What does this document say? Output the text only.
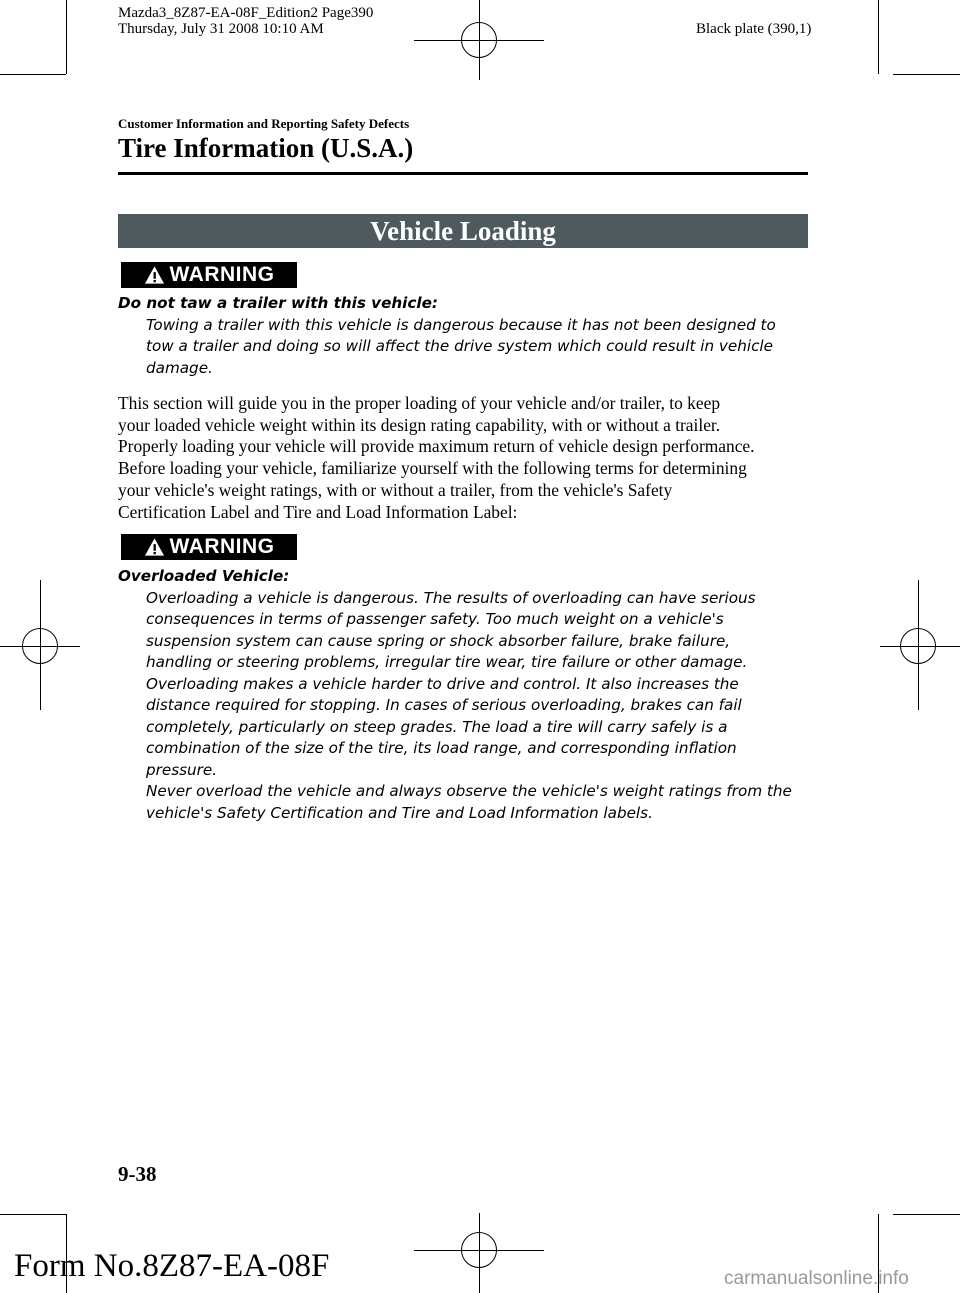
Mazda3_8Z87-EA-08F_Edition2 Page390
Thursday, July 31 2008 10:10 AM	Black plate (390,1)
Customer Information and Reporting Safety Defects
Tire Information (U.S.A.)
Vehicle Loading
WARNING
Do not taw a trailer with this vehicle:
Towing a trailer with this vehicle is dangerous because it has not been designed to
tow a trailer and doing so will affect the drive system which could result in vehicle
damage.
This section will guide you in the proper loading of your vehicle and/or trailer, to keep
your loaded vehicle weight within its design rating capability, with or without a trailer.
Properly loading your vehicle will provide maximum return of vehicle design performance.
Before loading your vehicle, familiarize yourself with the following terms for determining
your vehicle's weight ratings, with or without a trailer, from the vehicle's Safety
Certification Label and Tire and Load Information Label:
WARNING
Overloaded Vehicle:
Overloading a vehicle is dangerous. The results of overloading can have serious
consequences in terms of passenger safety. Too much weight on a vehicle's
suspension system can cause spring or shock absorber failure, brake failure,
handling or steering problems, irregular tire wear, tire failure or other damage.
Overloading makes a vehicle harder to drive and control. It also increases the
distance required for stopping. In cases of serious overloading, brakes can fail
completely, particularly on steep grades. The load a tire will carry safely is a
combination of the size of the tire, its load range, and corresponding inflation
pressure.
Never overload the vehicle and always observe the vehicle's weight ratings from the
vehicle's Safety Certification and Tire and Load Information labels.
9-38
Form No.8Z87-EA-08F	carmanualsonline.info
